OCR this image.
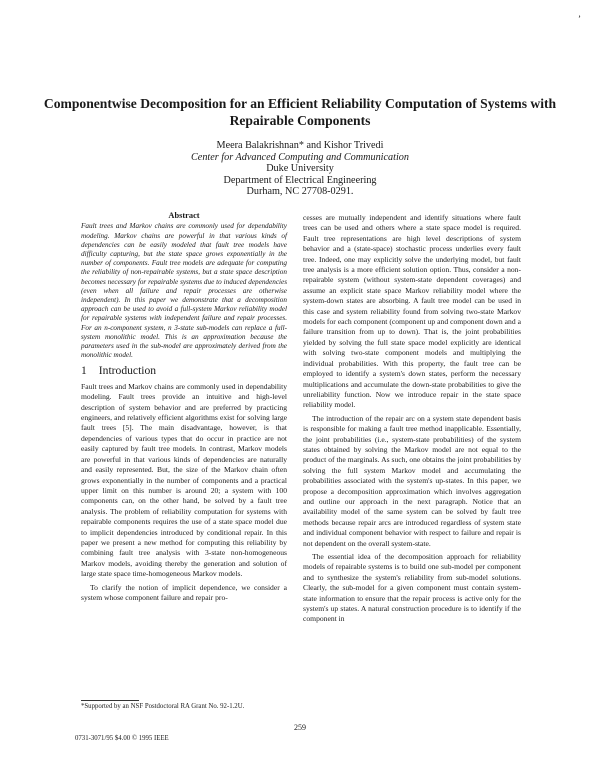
’
Componentwise Decomposition for an Efficient Reliability Computation of Systems with Repairable Components
Meera Balakrishnan* and Kishor Trivedi
Center for Advanced Computing and Communication
Duke University
Department of Electrical Engineering
Durham, NC 27708-0291.
Abstract

Fault trees and Markov chains are commonly used for dependability modeling. Markov chains are powerful in that various kinds of dependencies can be easily modeled that fault tree models have difficulty capturing, but the state space grows exponentially in the number of components. Fault tree models are adequate for computing the reliability of non-repairable systems, but a state space description becomes necessary for repairable systems due to induced dependencies (even when all failure and repair processes are otherwise independent). In this paper we demonstrate that a decomposition approach can be used to avoid a full-system Markov reliability model for repairable systems with independent failure and repair processes. For an n-component system, n 3-state sub-models can replace a full-system monolithic model. This is an approximation because the parameters used in the sub-model are approximately derived from the monolithic model.

1 Introduction

Fault trees and Markov chains are commonly used in dependability modeling. Fault trees provide an intuitive and high-level description of system behavior and are preferred by practicing engineers, and relatively efficient algorithms exist for solving large fault trees [5]. The main disadvantage, however, is that dependencies of various types that do occur in practice are not easily captured by fault tree models. In contrast, Markov models are powerful in that various kinds of dependencies are naturally and easily represented. But, the size of the Markov chain often grows exponentially in the number of components and a practical upper limit on this number is around 20; a system with 100 components can, on the other hand, be solved by a fault tree analysis. The problem of reliability computation for systems with repairable components requires the use of a state space model due to implicit dependencies introduced by conditional repair. In this paper we present a new method for computing this reliability by combining fault tree analysis with 3-state non-homogeneous Markov models, avoiding thereby the generation and solution of large state space time-homogeneous Markov models.

To clarify the notion of implicit dependence, we consider a system whose component failure and repair pro-

cesses are mutually independent and identify situations where fault trees can be used and others where a state space model is required. Fault tree representations are high level descriptions of system behavior and a (state-space) stochastic process underlies every fault tree. Indeed, one may explicitly solve the underlying model, but fault tree analysis is a more efficient solution option. Thus, consider a non-repairable system (without system-state dependent coverages) and assume an explicit state space Markov reliability model where the system-down states are absorbing. A fault tree model can be used in this case and system reliability found from solving two-state Markov models for each component (component up and component down and a failure transition from up to down). That is, the joint probabilities yielded by solving the full state space model explicitly are identical with solving two-state component models and multiplying the individual probabilities. With this property, the fault tree can be employed to identify a system's down states, perform the necessary multiplications and accumulate the down-state probabilities to give the unreliability function. Now we introduce repair in the state space reliability model.

The introduction of the repair arc on a system state dependent basis is responsible for making a fault tree method inapplicable. Essentially, the joint probabilities (i.e., system-state probabilities) of the system states obtained by solving the Markov model are not equal to the product of the marginals. As such, one obtains the joint probabilities by solving the full system Markov model and accumulating the probabilities associated with the system's up-states. In this paper, we propose a decomposition approximation which involves aggregation and outline our approach in the next paragraph. Notice that an availability model of the same system can be solved by fault tree methods because repair arcs are introduced regardless of system state and individual component behavior with respect to failure and repair is not dependent on the overall system-state.

The essential idea of the decomposition approach for reliability models of repairable systems is to build one sub-model per component and to synthesize the system's reliability from sub-model solutions. Clearly, the sub-model for a given component must contain system-state information to ensure that the repair process is active only for the system's up states. A natural construction procedure is to identify if the component in

*Supported by an NSF Postdoctoral RA Grant No. 92-1.2U.
259
0731-3071/95 $4.00 © 1995 IEEE
